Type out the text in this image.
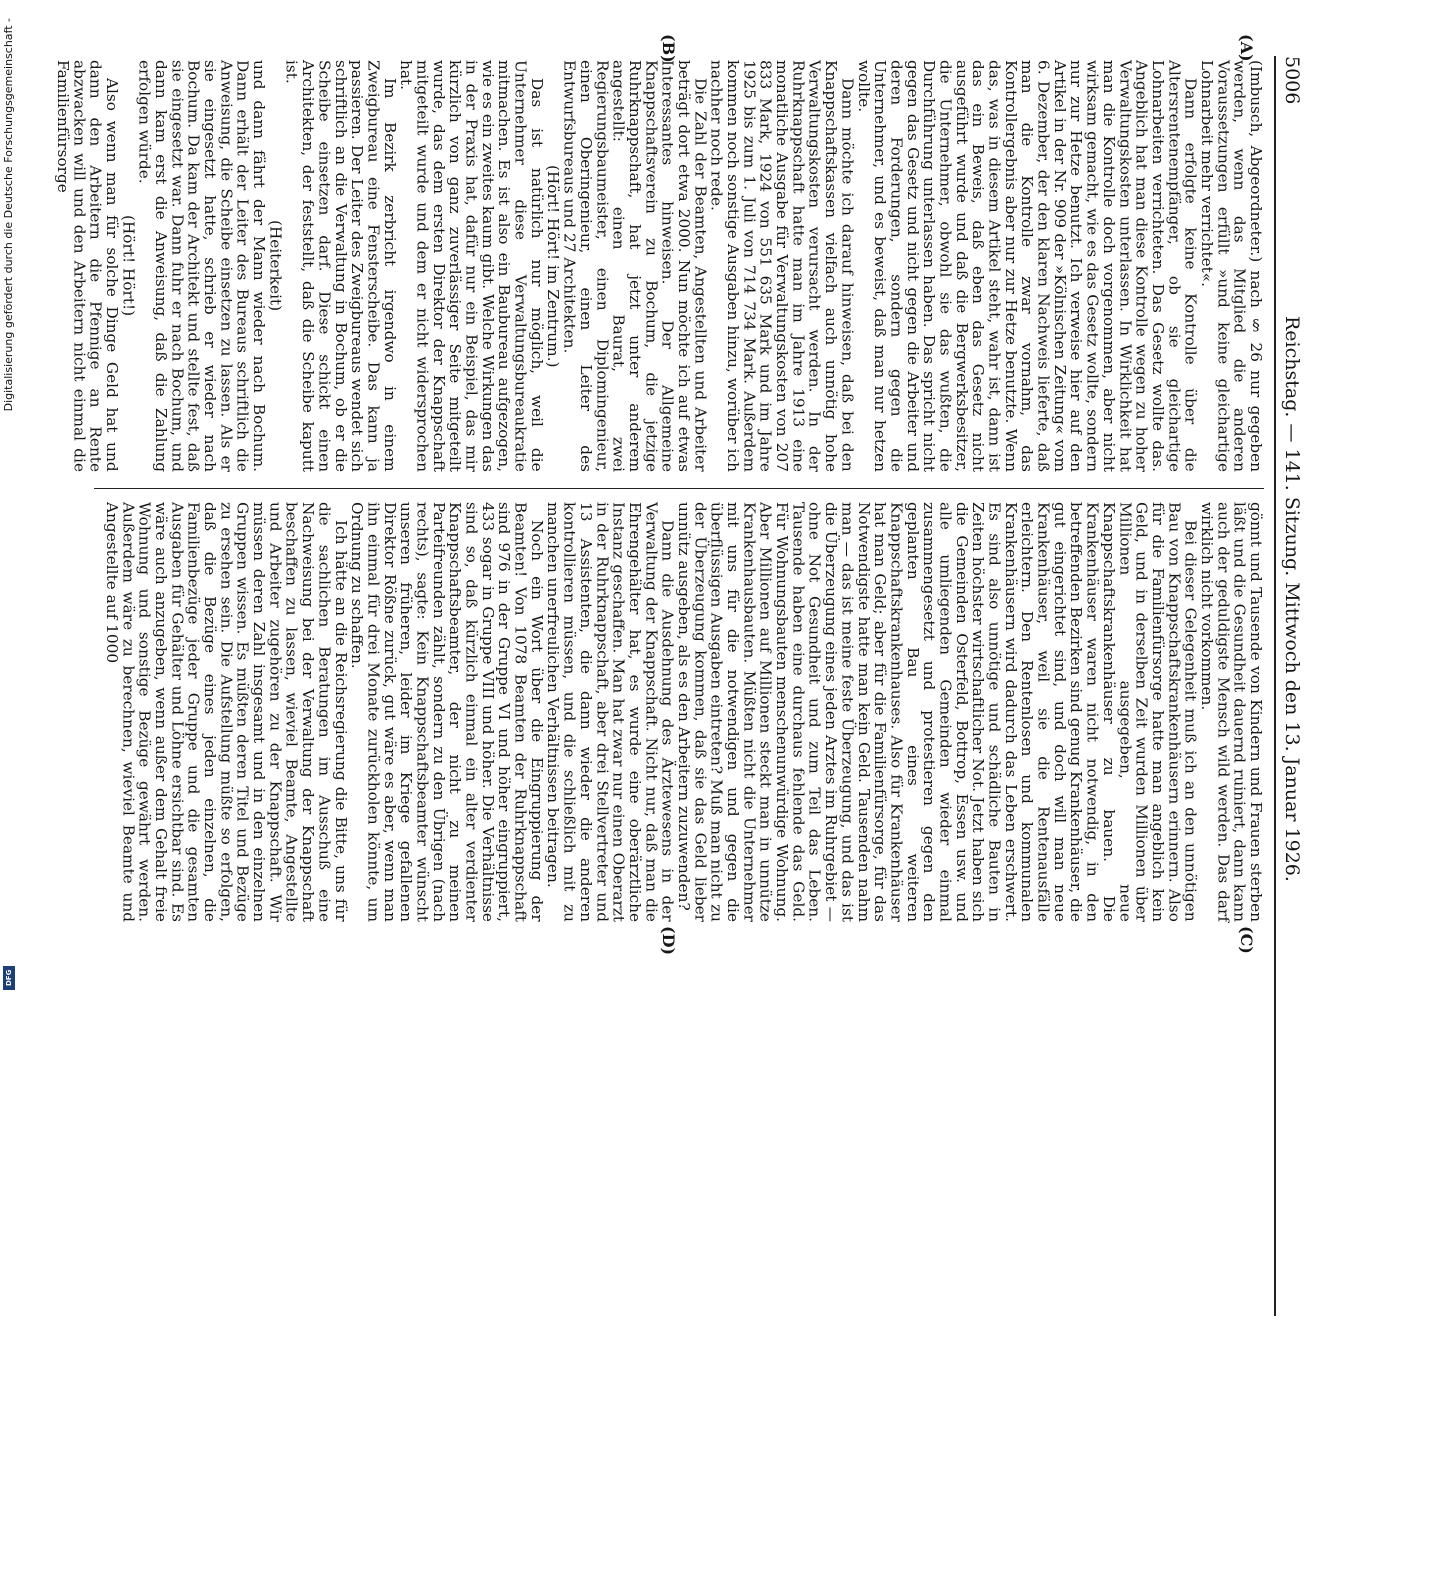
5006
Reichstag. — 141. Sitzung. Mittwoch den 13. Januar 1926.

(Imbusch, Abgeordneter.) nach § 26 nur gegeben werden, wenn das Mitglied die anderen Voraussetzungen erfüllt »und keine gleichartige Lohnarbeit mehr verrichtet«.

Dann erfolgte keine Kontrolle über die Altersrentenempfänger, ob sie gleichartige Lohnarbeiten verrichteten. Das Gesetz wollte das. Angeblich hat man diese Kontrolle wegen zu hoher Verwaltungskosten unterlassen. In Wirklichkeit hat man die Kontrolle doch vorgenommen, aber nicht wirksam gemacht, wie es das Gesetz wollte, sondern nur zur Hetze benutzt. Ich verweise hier auf den Artikel in der Nr. 909 der »Kölnischen Zeitung« vom 6. Dezember, der den klaren Nachweis lieferte, daß man die Kontrolle zwar vornahm, das Kontrollergebnis aber nur zur Hetze benutzte. Wenn das, was in diesem Artikel steht, wahr ist, dann ist das ein Beweis, daß eben das Gesetz nicht ausgeführt wurde und daß die Bergwerksbesitzer, die Unternehmer, obwohl sie das wußten, die Durchführung unterlassen haben. Das spricht nicht gegen das Gesetz und nicht gegen die Arbeiter und deren Forderungen, sondern gegen die Unternehmer, und es beweist, daß man nur hetzen wollte.

Dann möchte ich darauf hinweisen, daß bei den Knappschaftskassen vielfach auch unnötig hohe Verwaltungskosten verursacht werden. In der Ruhrknappschaft hatte man im Jahre 1913 eine monatliche Ausgabe für Verwaltungskosten von 207 833 Mark, 1924 von 551 635 Mark und im Jahre 1925 bis zum 1. Juli von 714 734 Mark. Außerdem kommen noch sonstige Ausgaben hinzu, worüber ich nachher noch rede.

Die Zahl der Beamten, Angestellten und Arbeiter beträgt dort etwa 2000. Nun möchte ich auf etwas Interessantes hinweisen. Der Allgemeine Knappschaftsverein zu Bochum, die jetzige Ruhrknappschaft, hat jetzt unter anderem angestellt: einen Baurat, zwei Regierungsbaumeister, einen Diplomingenieur, einen Oberingenieur, einen Leiter des Entwurfsbureaus und 27 Architekten.

(Hört! Hört! im Zentrum.)

Das ist natürlich nur möglich, weil die Unternehmer diese Verwaltungsbureaukratie mitmachen. Es ist also ein Baubureau aufgezogen, wie es ein zweites kaum gibt. Welche Wirkungen das in der Praxis hat, dafür nur ein Beispiel, das mir kürzlich von ganz zuverlässiger Seite mitgeteilt wurde, das dem ersten Direktor der Knappschaft mitgeteilt wurde und dem er nicht widersprochen hat.

Im Bezirk zerbricht irgendwo in einem Zweigbureau eine Fensterscheibe. Das kann ja passieren. Der Leiter des Zweigbureaus wendet sich schriftlich an die Verwaltung in Bochum, ob er die Scheibe einsetzen darf. Diese schickt einen Architekten, der feststellt, daß die Scheibe kaputt ist.

(Heiterkeit)

und dann fährt der Mann wieder nach Bochum. Dann erhält der Leiter des Bureaus schriftlich die Anweisung, die Scheibe einsetzen zu lassen. Als er sie eingesetzt hatte, schrieb er wieder nach Bochum. Da kam der Architekt und stellte fest, daß sie eingesetzt war. Dann fuhr er nach Bochum, und dann kam erst die Anweisung, daß die Zahlung erfolgen würde.

(Hört! Hört!)

Also wenn man für solche Dinge Geld hat und dann den Arbeitern die Pfennige an Rente abzwacken will und den Arbeitern nicht einmal die Familienfürsorge

gönnt und Tausende von Kindern und Frauen sterben läßt und die Gesundheit dauernd ruiniert, dann kann auch der geduldigste Mensch wild werden. Das darf wirklich nicht vorkommen.

Bei dieser Gelegenheit muß ich an den unnötigen Bau von Knappschaftskrankenhäusern erinnern. Also für die Familienfürsorge hatte man angeblich kein Geld, und in derselben Zeit wurden Millionen über Millionen ausgegeben, neue Knappschaftskrankenhäuser zu bauen. Die Krankenhäuser waren nicht notwendig, in den betreffenden Bezirken sind genug Krankenhäuser, die gut eingerichtet sind, und doch will man neue Krankenhäuser, weil sie die Rentenausfälle erleichtern. Den Rentenlosen und kommunalen Krankenhäusern wird dadurch das Leben erschwert. Es sind also unnötige und schädliche Bauten in Zeiten höchster wirtschaftlicher Not. Jetzt haben sich die Gemeinden Osterfeld, Bottrop, Essen usw. und alle umliegenden Gemeinden wieder einmal zusammengesetzt und protestieren gegen den geplanten Bau eines weiteren Knappschaftskrankenhauses. Also für Krankenhäuser hat man Geld; aber für die Familienfürsorge, für das Notwendigste hatte man kein Geld. Tausenden nahm man — das ist meine feste Überzeugung, und das ist die Überzeugung eines jeden Arztes im Ruhrgebiet — ohne Not Gesundheit und zum Teil das Leben. Tausende haben eine durchaus fehlende das Geld. Für Wohnungsbauten menschenunwürdige Wohnung. Aber Millionen auf Millionen steckt man in unnütze Krankenhausbauten. Müßten nicht die Unternehmer mit uns für die notwendigen und gegen die überflüssigen Ausgaben eintreten? Muß man nicht zu der Überzeugung kommen, daß sie das Geld lieber unnütz ausgeben, als es den Arbeitern zuzuwenden?

Dann die Ausdehnung des Ärztewesens in der Verwaltung der Knappschaft. Nicht nur, daß man die Ehrengehälter hat, es wurde eine oberärztliche Instanz geschaffen. Man hat zwar nur einen Oberarzt in der Ruhrknappschaft, aber drei Stellvertreter und 13 Assistenten, die dann wieder die anderen kontrollieren müssen, und die schließlich mit zu manchen unerfreulichen Verhältnissen beitragen.

Noch ein Wort über die Eingruppierung der Beamten! Von 1078 Beamten der Ruhrknappschaft sind 976 in der Gruppe VI und höher eingruppiert, 433 sogar in Gruppe VIII und höher. Die Verhältnisse sind so, daß kürzlich einmal ein alter verdienter Knappschaftsbeamter, der nicht zu meinen Parteifreunden zählt, sondern zu den Übrigen (nach rechts), sagte: Kein Knappschaftsbeamter wünscht unseren früheren, leider im Kriege gefallenen Direktor Rößne zurück, gut wäre es aber, wenn man ihn einmal für drei Monate zurückholen könnte, um Ordnung zu schaffen.

Ich hätte an die Reichsregierung die Bitte, uns für die sachlichen Beratungen im Ausschuß eine Nachweisung bei der Verwaltung der Knappschaft beschaffen zu lassen, wieviel Beamte, Angestellte und Arbeiter zugehören zu der Knappschaft. Wir müssen deren Zahl insgesamt und in den einzelnen Gruppen wissen. Es müßten deren Titel und Bezüge zu ersehen sein. Die Aufstellung müßte so erfolgen, daß die Bezüge eines jeden einzelnen, die Familienbezüge jeder Gruppe und die gesamten Ausgaben für Gehälter und Löhne ersichtbar sind. Es wäre auch anzugeben, wenn außer dem Gehalt freie Wohnung und sonstige Bezüge gewährt werden. Außerdem wäre zu berechnen, wieviel Beamte und Angestellte auf 1000

(A)
(B)
(C)
(D)
Digitalisierung gefördert durch die Deutsche Forschungsgemeinschaft -
DFG
